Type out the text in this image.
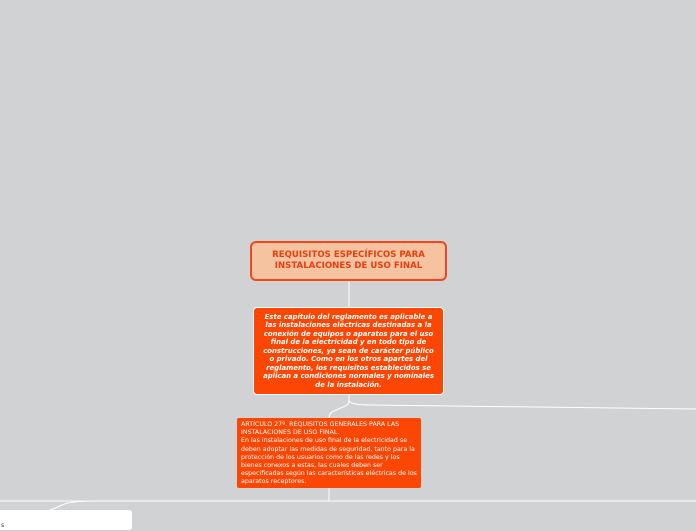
REQUISITOS ESPECÍFICOS PARA INSTALACIONES DE USO FINAL
Este capítulo del reglamento es aplicable a las instalaciones eléctricas destinadas a la conexión de equipos o aparatos para el uso final de la electricidad y en todo tipo de construcciones, ya sean de carácter público o privado. Como en los otros apartes del reglamento, los requisitos establecidos se aplican a condiciones normales y nominales de la instalación.
ARTÍCULO 27º. REQUISITOS GENERALES PARA LAS INSTALACIONES DE USO FINAL.
En las instalaciones de uso final de la electricidad se deben adoptar las medidas de seguridad, tanto para la protección de los usuarios como de las redes y los bienes conexos a estas, las cuales deben ser especificadas según las características eléctricas de los aparatos receptores.
s
